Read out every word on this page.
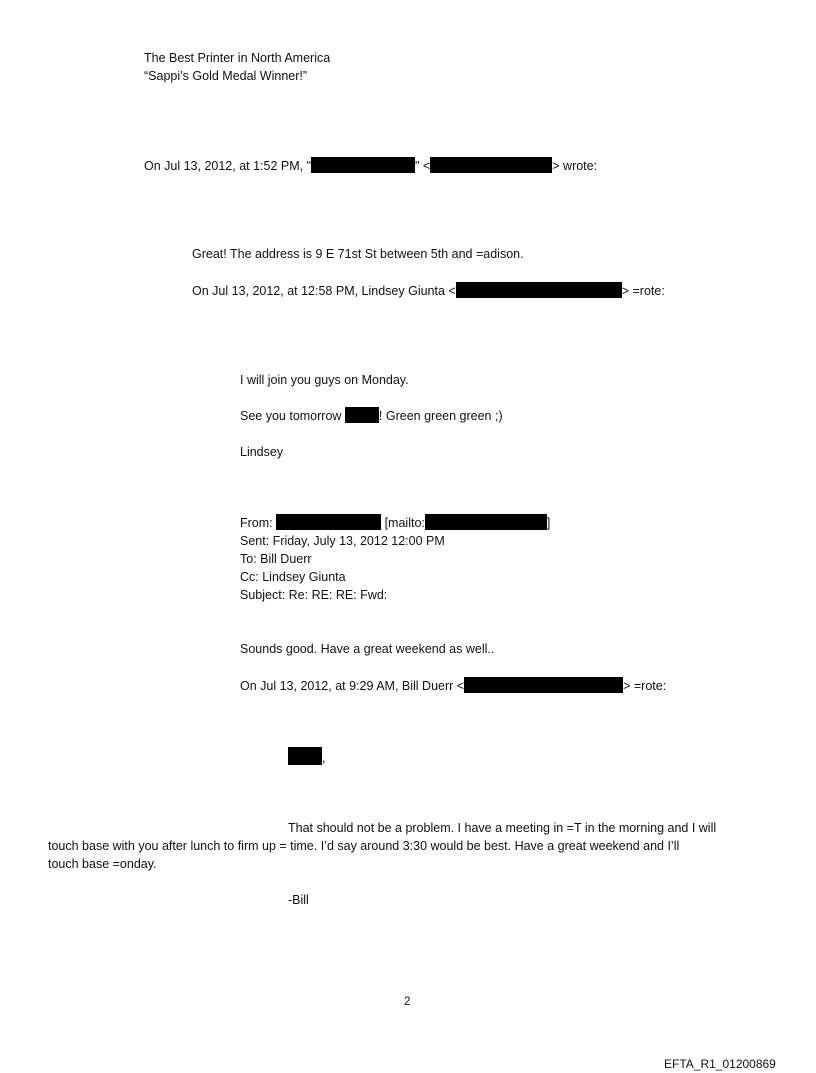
The Best Printer in North America
“Sappi’s Gold Medal Winner!”
On Jul 13, 2012, at 1:52 PM, "	" <	> wrote:
Great! The address is 9 E 71st St between 5th and =adison.
On Jul 13, 2012, at 12:58 PM, Lindsey Giunta <	> =rote:
I will join you guys on Monday.
See you tomorrow	! Green green green ;)
Lindsey
From:	[mailto:	]
Sent: Friday, July 13, 2012 12:00 PM
To: Bill Duerr
Cc: Lindsey Giunta
Subject: Re: RE: RE: Fwd:
Sounds good. Have a great weekend as well..
On Jul 13, 2012, at 9:29 AM, Bill Duerr <	> =rote:
,
That should not be a problem. I have a meeting in =T in the morning and I will
touch base with you after lunch to firm up = time. I’d say around 3:30 would be best. Have a great weekend and I’ll
touch base =onday.
-Bill
2
EFTA_R1_01200869
